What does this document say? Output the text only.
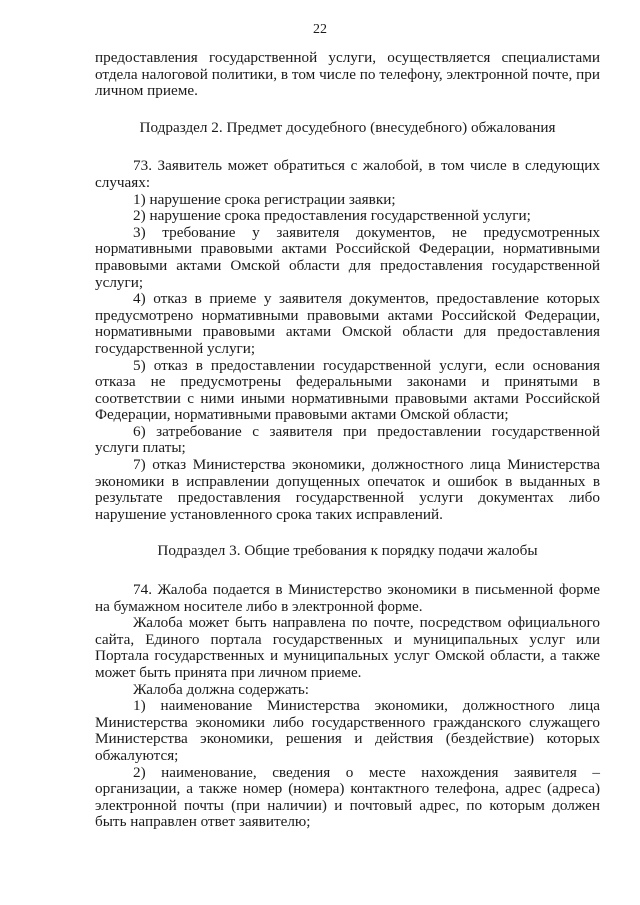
22

предоставления государственной услуги, осуществляется специалистами отдела налоговой политики, в том числе по телефону, электронной почте, при личном приеме.

Подраздел 2. Предмет досудебного (внесудебного) обжалования

73. Заявитель может обратиться с жалобой, в том числе в следующих случаях:

1) нарушение срока регистрации заявки;

2) нарушение срока предоставления государственной услуги;

3) требование у заявителя документов, не предусмотренных нормативными правовыми актами Российской Федерации, нормативными правовыми актами Омской области для предоставления государственной услуги;

4) отказ в приеме у заявителя документов, предоставление которых предусмотрено нормативными правовыми актами Российской Федерации, нормативными правовыми актами Омской области для предоставления государственной услуги;

5) отказ в предоставлении государственной услуги, если основания отказа не предусмотрены федеральными законами и принятыми в соответствии с ними иными нормативными правовыми актами Российской Федерации, нормативными правовыми актами Омской области;

6) затребование с заявителя при предоставлении государственной услуги платы;

7) отказ Министерства экономики, должностного лица Министерства экономики в исправлении допущенных опечаток и ошибок в выданных в результате предоставления государственной услуги документах либо нарушение установленного срока таких исправлений.

Подраздел 3. Общие требования к порядку подачи жалобы

74. Жалоба подается в Министерство экономики в письменной форме на бумажном носителе либо в электронной форме.

Жалоба может быть направлена по почте, посредством официального сайта, Единого портала государственных и муниципальных услуг или Портала государственных и муниципальных услуг Омской области, а также может быть принята при личном приеме.

Жалоба должна содержать:

1) наименование Министерства экономики, должностного лица Министерства экономики либо государственного гражданского служащего Министерства экономики, решения и действия (бездействие) которых обжалуются;

2) наименование, сведения о месте нахождения заявителя – организации, а также номер (номера) контактного телефона, адрес (адреса) электронной почты (при наличии) и почтовый адрес, по которым должен быть направлен ответ заявителю;
